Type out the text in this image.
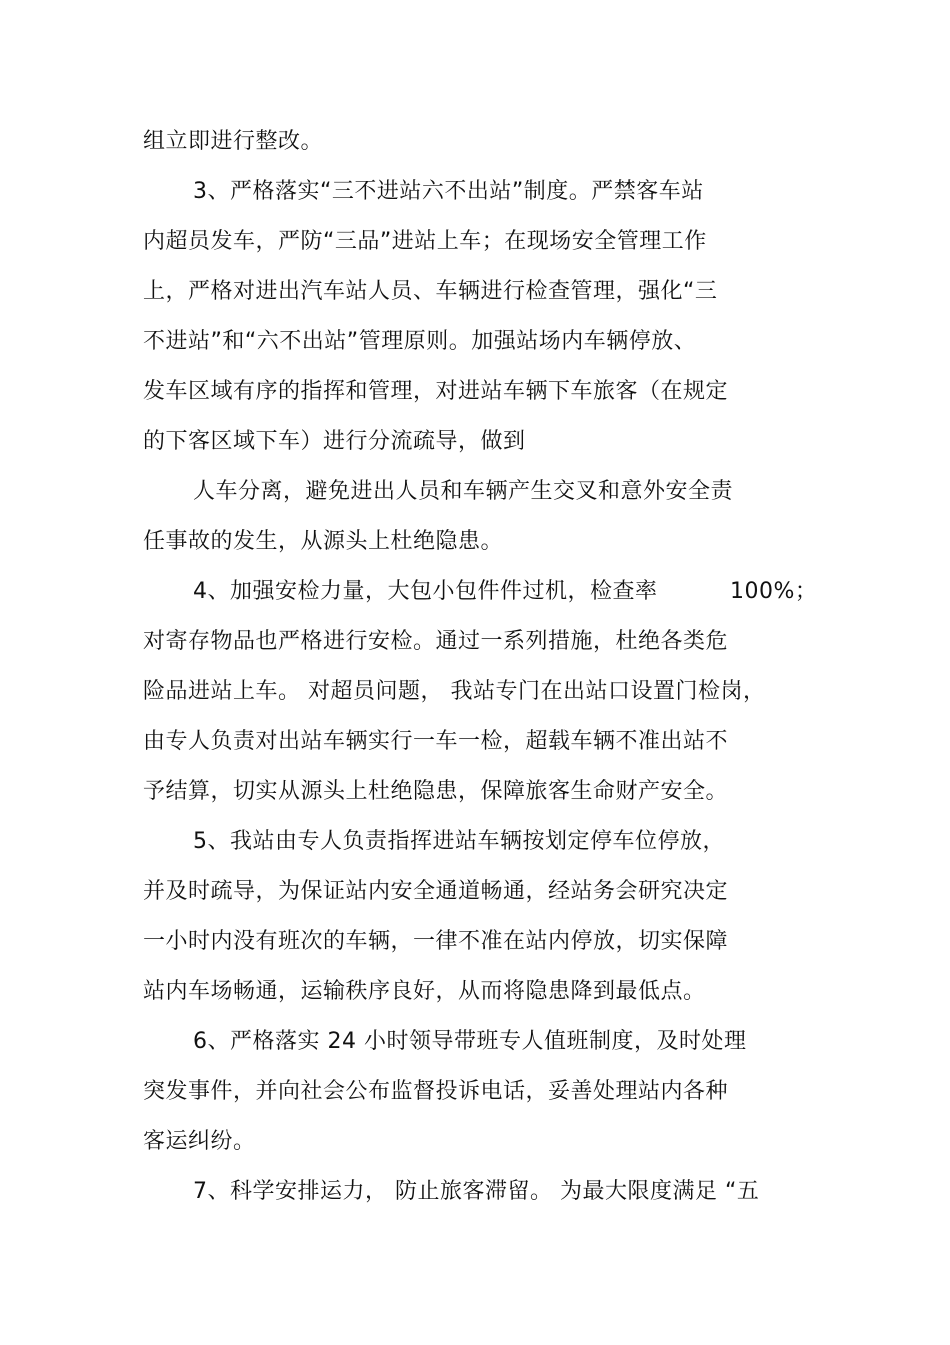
组立即进行整改。
3、严格落实“三不进站六不出站”制度。严禁客车站
内超员发车，严防“三品”进站上车；在现场安全管理工作
上，严格对进出汽车站人员、车辆进行检查管理，强化“三
不进站”和“六不出站”管理原则。加强站场内车辆停放、
发车区域有序的指挥和管理，对进站车辆下车旅客（在规定
的下客区域下车）进行分流疏导，做到
人车分离，避免进出人员和车辆产生交叉和意外安全责
任事故的发生，从源头上杜绝隐患。
4、加强安检力量，大包小包件件过机，检查率	100%；
对寄存物品也严格进行安检。通过一系列措施，杜绝各类危
险品进站上车。 对超员问题， 我站专门在出站口设置门检岗，
由专人负责对出站车辆实行一车一检，超载车辆不准出站不
予结算，切实从源头上杜绝隐患，保障旅客生命财产安全。
5、我站由专人负责指挥进站车辆按划定停车位停放，
并及时疏导，为保证站内安全通道畅通，经站务会研究决定
一小时内没有班次的车辆，一律不准在站内停放，切实保障
站内车场畅通，运输秩序良好，从而将隐患降到最低点。
6、严格落实 24 小时领导带班专人值班制度，及时处理
突发事件，并向社会公布监督投诉电话，妥善处理站内各种
客运纠纷。
7、科学安排运力， 防止旅客滞留。 为最大限度满足 “五
